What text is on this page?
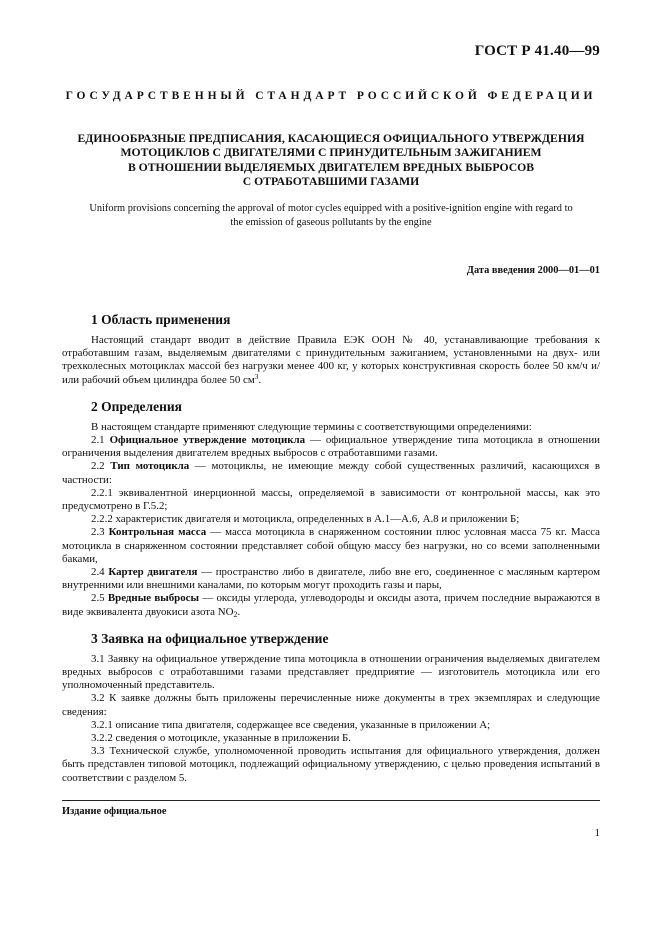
ГОСТ Р 41.40—99
ГОСУДАРСТВЕННЫЙ СТАНДАРТ РОССИЙСКОЙ ФЕДЕРАЦИИ
ЕДИНООБРАЗНЫЕ ПРЕДПИСАНИЯ, КАСАЮЩИЕСЯ ОФИЦИАЛЬНОГО УТВЕРЖДЕНИЯ
МОТОЦИКЛОВ С ДВИГАТЕЛЯМИ С ПРИНУДИТЕЛЬНЫМ ЗАЖИГАНИЕМ
В ОТНОШЕНИИ ВЫДЕЛЯЕМЫХ ДВИГАТЕЛЕМ ВРЕДНЫХ ВЫБРОСОВ
С ОТРАБОТАВШИМИ ГАЗАМИ
Uniform provisions concerning the approval of motor cycles equipped with a positive-ignition engine with regard to
the emission of gaseous pollutants by the engine
Дата введения 2000—01—01
1 Область применения

Настоящий стандарт вводит в действие Правила ЕЭК ООН № 40, устанавливающие требования к отработавшим газам, выделяемым двигателями с принудительным зажиганием, установленными на двух- или трехколесных мотоциклах массой без нагрузки менее 400 кг, у которых конструктивная скорость более 50 км/ч и/или рабочий объем цилиндра более 50 $см^3$.

2 Определения

В настоящем стандарте применяют следующие термины с соответствующими определениями:

2.1 Официальное утверждение мотоцикла — официальное утверждение типа мотоцикла в отношении ограничения выделения двигателем вредных выбросов с отработавшими газами.

2.2 Тип мотоцикла — мотоциклы, не имеющие между собой существенных различий, касающихся в частности:

2.2.1 эквивалентной инерционной массы, определяемой в зависимости от контрольной массы, как это предусмотрено в Г.5.2;

2.2.2 характеристик двигателя и мотоцикла, определенных в А.1—А.6, А.8 и приложении Б;

2.3 Контрольная масса — масса мотоцикла в снаряженном состоянии плюс условная масса 75 кг. Масса мотоцикла в снаряженном состоянии представляет собой общую массу без нагрузки, но со всеми заполненными баками,

2.4 Картер двигателя — пространство либо в двигателе, либо вне его, соединенное с масляным картером внутренними или внешними каналами, по которым могут проходить газы и пары,

2.5 Вредные выбросы — оксиды углерода, углеводороды и оксиды азота, причем последние выражаются в виде эквивалента двуокиси азота $NO_2$.

3 Заявка на официальное утверждение

3.1 Заявку на официальное утверждение типа мотоцикла в отношении ограничения выделяемых двигателем вредных выбросов с отработавшими газами представляет предприятие — изготовитель мотоцикла или его уполномоченный представитель.

3.2 К заявке должны быть приложены перечисленные ниже документы в трех экземплярах и следующие сведения:

3.2.1 описание типа двигателя, содержащее все сведения, указанные в приложении А;

3.2.2 сведения о мотоцикле, указанные в приложении Б.

3.3 Технической службе, уполномоченной проводить испытания для официального утверждения, должен быть представлен типовой мотоцикл, подлежащий официальному утверждению, с целью проведения испытаний в соответствии с разделом 5.

Издание официальное
1
